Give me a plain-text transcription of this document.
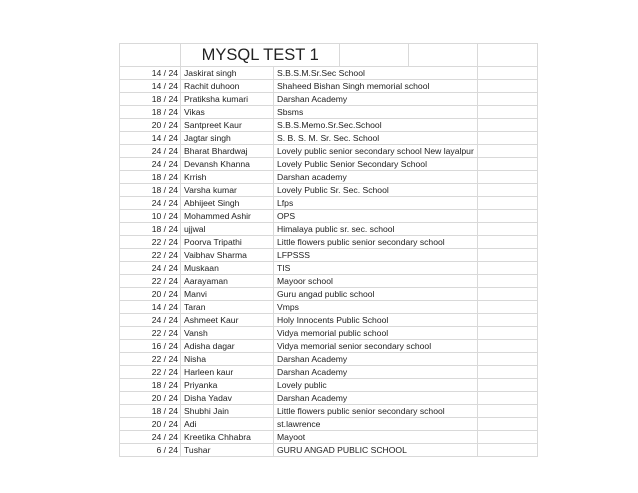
	MYSQL TEST 1				
14 / 24	Jaskirat singh	S.B.S.M.Sr.Sec School			
14 / 24	Rachit duhoon	Shaheed Bishan Singh memorial school			
18 / 24	Pratiksha kumari	Darshan Academy			
18 / 24	Vikas	Sbsms			
20 / 24	Santpreet Kaur	S.B.S.Memo.Sr.Sec.School			
14 / 24	Jagtar singh	S. B. S. M. Sr. Sec. School			
24 / 24	Bharat Bhardwaj	Lovely public senior secondary school New layalpur			
24 / 24	Devansh Khanna	Lovely Public Senior Secondary School			
18 / 24	Krrish	Darshan academy			
18 / 24	Varsha kumar	Lovely Public Sr. Sec. School			
24 / 24	Abhijeet Singh	Lfps			
10 / 24	Mohammed Ashir	OPS			
18 / 24	ujjwal	Himalaya public sr. sec. school			
22 / 24	Poorva Tripathi	Little flowers public senior secondary school			
22 / 24	Vaibhav Sharma	LFPSSS			
24 / 24	Muskaan	TIS			
22 / 24	Aarayaman	Mayoor school			
20 / 24	Manvi	Guru angad public school			
14 / 24	Taran	Vmps			
24 / 24	Ashmeet Kaur	Holy Innocents Public School			
22 / 24	Vansh	Vidya memorial public school			
16 / 24	Adisha dagar	Vidya memorial senior secondary school			
22 / 24	Nisha	Darshan Academy			
22 / 24	Harleen kaur	Darshan Academy			
18 / 24	Priyanka	Lovely public			
20 / 24	Disha Yadav	Darshan Academy			
18 / 24	Shubhi Jain	Little flowers public senior secondary school			
20 / 24	Adi	st.lawrence			
24 / 24	Kreetika Chhabra	Mayoot			
6 / 24	Tushar	GURU ANGAD PUBLIC SCHOOL			
